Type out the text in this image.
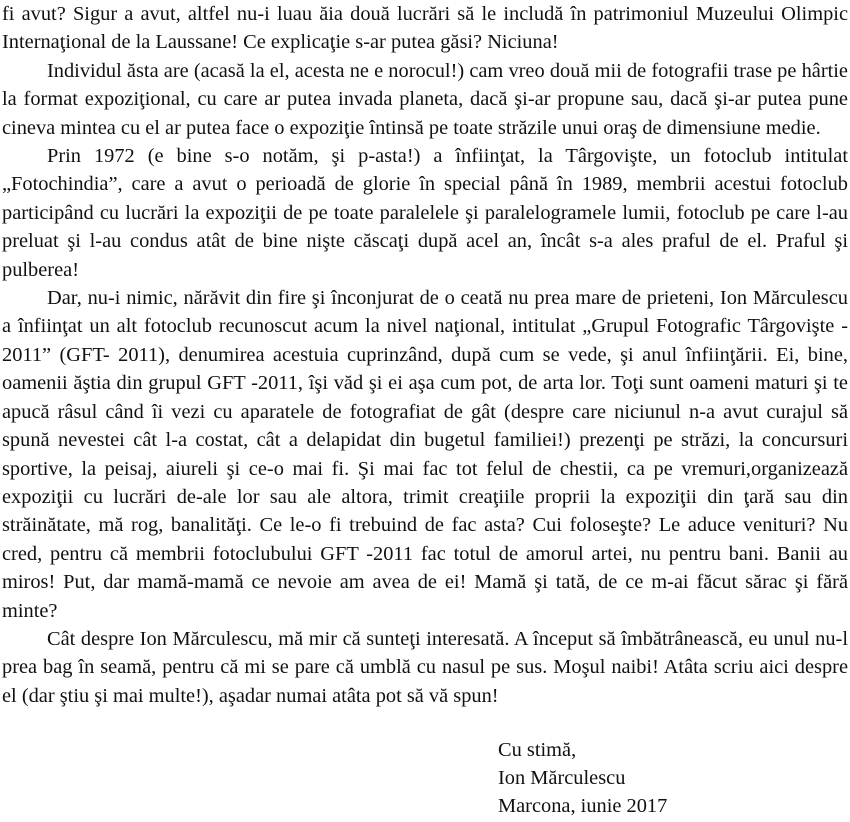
fi avut? Sigur a avut, altfel nu-i luau ăia două lucrări să le includă în patrimoniul Muzeului Olimpic Internaţional de la Laussane! Ce explicaţie s-ar putea găsi? Niciuna!

Individul ăsta are (acasă la el, acesta ne e norocul!) cam vreo două mii de fotografii trase pe hârtie la format expoziţional, cu care ar putea invada planeta, dacă şi-ar propune sau, dacă şi-ar putea pune cineva mintea cu el ar putea face o expoziţie întinsă pe toate străzile unui oraş de dimensiune medie.

Prin 1972 (e bine s-o notăm, şi p-asta!) a înfiinţat, la Târgovişte, un fotoclub intitulat „Fotochindia”, care a avut o perioadă de glorie în special până în 1989, membrii acestui fotoclub participând cu lucrări la expoziţii de pe toate paralelele şi paralelogramele lumii, fotoclub pe care l-au preluat şi l-au condus atât de bine nişte căscaţi după acel an, încât s-a ales praful de el. Praful şi pulberea!

Dar, nu-i nimic, nărăvit din fire şi înconjurat de o ceată nu prea mare de prieteni, Ion Mărculescu a înfiinţat un alt fotoclub recunoscut acum la nivel naţional, intitulat „Grupul Fotografic Târgovişte - 2011” (GFT- 2011), denumirea acestuia cuprinzând, după cum se vede, şi anul înfiinţării. Ei, bine, oamenii ăştia din grupul GFT -2011, îşi văd şi ei aşa cum pot, de arta lor. Toţi sunt oameni maturi şi te apucă râsul când îi vezi cu aparatele de fotografiat de gât (despre care niciunul n-a avut curajul să spună nevestei cât l-a costat, cât a delapidat din bugetul familiei!) prezenţi pe străzi, la concursuri sportive, la peisaj, aiureli şi ce-o mai fi. Şi mai fac tot felul de chestii, ca pe vremuri,organizează expoziţii cu lucrări de-ale lor sau ale altora, trimit creaţiile proprii la expoziţii din ţară sau din străinătate, mă rog, banalităţi. Ce le-o fi trebuind de fac asta? Cui foloseşte? Le aduce venituri? Nu cred, pentru că membrii fotoclubului GFT -2011 fac totul de amorul artei, nu pentru bani. Banii au miros! Put, dar mamă-mamă ce nevoie am avea de ei! Mamă şi tată, de ce m-ai făcut sărac şi fără minte?

Cât despre Ion Mărculescu, mă mir că sunteţi interesată. A început să îmbătrânească, eu unul nu-l prea bag în seamă, pentru că mi se pare că umblă cu nasul pe sus. Moşul naibi! Atâta scriu aici despre el (dar ştiu şi mai multe!), aşadar numai atâta pot să vă spun!

Cu stimă,
Ion Mărculescu
Marcona, iunie 2017
